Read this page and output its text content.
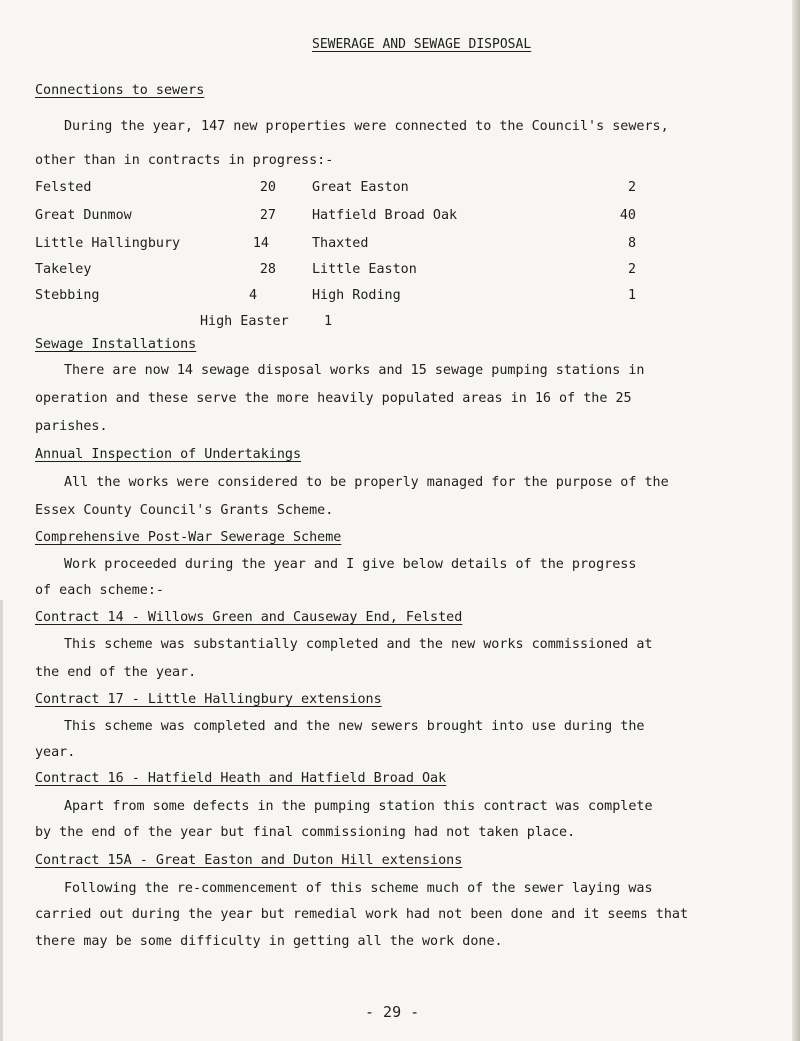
SEWERAGE AND SEWAGE DISPOSAL
Connections to sewers
During the year, 147 new properties were connected to the Council's sewers,
other than in contracts in progress:-
Felsted	20
Great Dunmow	27
Little Hallingbury	14
Takeley	28
Stebbing	4
Great Easton	2
Hatfield Broad Oak	40
Thaxted	8
Little Easton	2
High Roding	1
High Easter	1
Sewage Installations
There are now 14 sewage disposal works and 15 sewage pumping stations in
operation and these serve the more heavily populated areas in 16 of the 25
parishes.
Annual Inspection of Undertakings
All the works were considered to be properly managed for the purpose of the
Essex County Council's Grants Scheme.
Comprehensive Post-War Sewerage Scheme
Work proceeded during the year and I give below details of the progress
of each scheme:-
Contract 14 - Willows Green and Causeway End, Felsted
This scheme was substantially completed and the new works commissioned at
the end of the year.
Contract 17 - Little Hallingbury extensions
This scheme was completed and the new sewers brought into use during the
year.
Contract 16 - Hatfield Heath and Hatfield Broad Oak
Apart from some defects in the pumping station this contract was complete
by the end of the year but final commissioning had not taken place.
Contract 15A - Great Easton and Duton Hill extensions
Following the re-commencement of this scheme much of the sewer laying was
carried out during the year but remedial work had not been done and it seems that
there may be some difficulty in getting all the work done.
- 29 -
